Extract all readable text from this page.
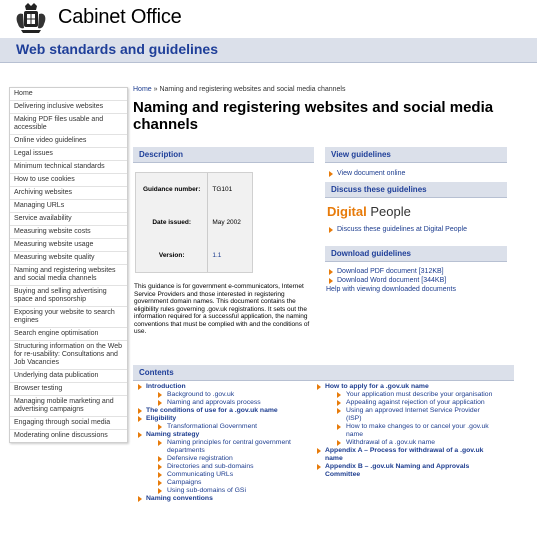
Cabinet Office
Web standards and guidelines
Home
Delivering inclusive websites
Making PDF files usable and accessible
Online video guidelines
Legal issues
Minimum technical standards
How to use cookies
Archiving websites
Managing URLs
Service availability
Measuring website costs
Measuring website usage
Measuring website quality
Naming and registering websites and social media channels
Buying and selling advertising space and sponsorship
Exposing your website to search engines
Search engine optimisation
Structuring information on the Web for re-usability: Consultations and Job Vacancies
Underlying data publication
Browser testing
Managing mobile marketing and advertising campaigns
Engaging through social media
Moderating online discussions
Home » Naming and registering websites and social media channels
Naming and registering websites and social media channels
Description
Guidance number:	TG101
Date issued:	May 2002
Version:	1.1
This guidance is for government e-communicators, Internet Service Providers and those interested in registering government domain names. This document contains the eligibility rules governing .gov.uk registrations. It sets out the information required for a successful application, the naming conventions that must be complied with and the conditions of use.
View guidelines
View document online
Discuss these guidelines
Digital People
Discuss these guidelines at Digital People
Download guidelines
Download PDF document [312KB]
Download Word document [344KB]
Help with viewing downloaded documents
Contents
Introduction
Background to .gov.uk
Naming and approvals process
The conditions of use for a .gov.uk name
Eligibility
Transformational Government
Naming strategy
Naming principles for central government departments
Defensive registration
Directories and sub-domains
Communicating URLs
Campaigns
Using sub-domains of GSi
Naming conventions
How to apply for a .gov.uk name
Your application must describe your organisation
Appealing against rejection of your application
Using an approved Internet Service Provider (ISP)
How to make changes to or cancel your .gov.uk name
Withdrawal of a .gov.uk name
Appendix A – Process for withdrawal of a .gov.uk name
Appendix B – .gov.uk Naming and Approvals Committee
